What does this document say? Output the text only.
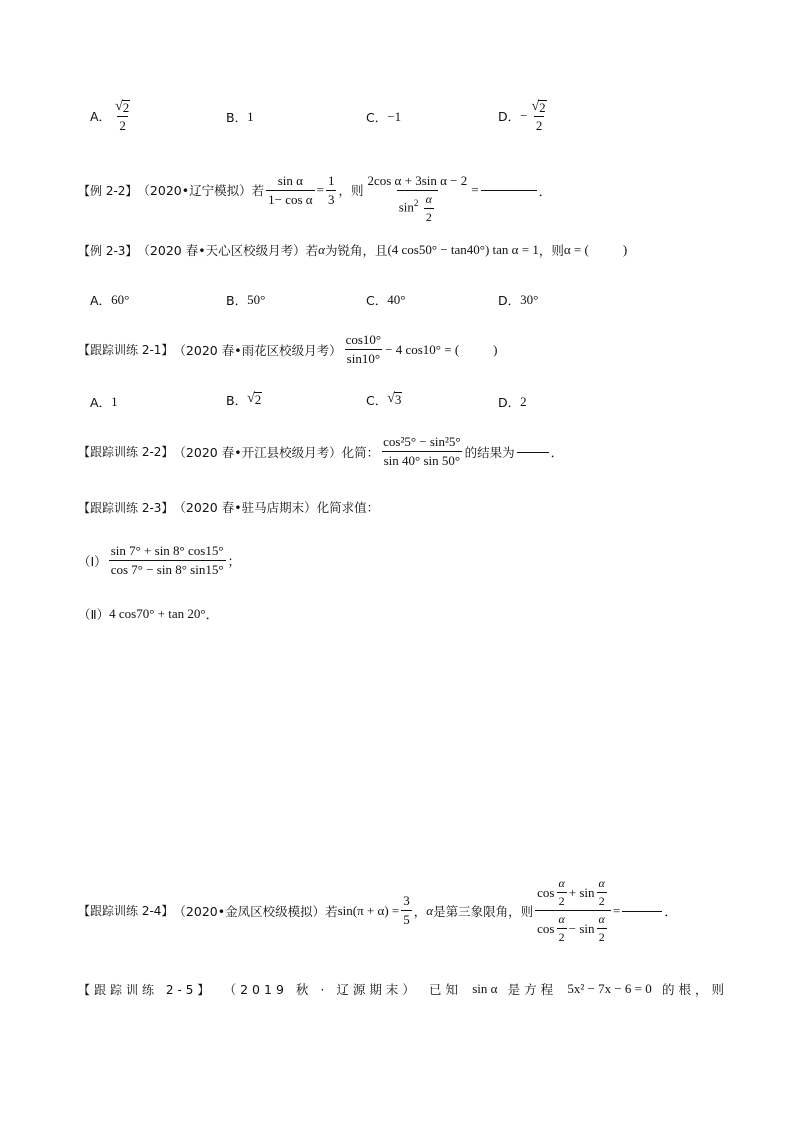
A． $\frac{√ 2}{2}$	B． 1	C． −1	D． − $\frac{√ 2}{2}$
【例 2-2】 （2020•辽宁模拟） 若 $\frac{\text{sin α}}{\text{1− cos α}} = \frac{1}{3}$ ，则 $\frac{\text{2cos α + 3sin α − 2}}{\sin^2 \frac{\alpha}{2}}$ =	．
【例 2-3】 （2020 春•天心区校级月考） 若 α 为锐角，且 (4 cos50° − tan40°) tan α = 1 ，则 α = (	)
A． 60°	B． 50°	C． 40°	D． 30°
【跟踪训练 2-1】 （2020 春•雨花区校级月考） $\frac{\cos 10^\circ}{\sin 10^\circ} - 4$ cos10° = (	)
A． 1	B． √ 2	C． √ 3	D． 2
【跟踪训练 2-2】 （2020 春•开江县校级月考） 化简： $\frac{\text{cos²5° − sin²5°}}{\sin 40^\circ \sin 50^\circ}$ 的结果为	．
【跟踪训练 2-3】 （2020 春•驻马店期末） 化简求值：
（Ⅰ） $\frac{\sin 7^\circ + \sin 8^\circ \cos 15^\circ}{\cos 7^\circ - \sin 8^\circ \sin 15^\circ}$ ；
（Ⅱ） 4 cos70° + tan 20° ．
【跟踪训练 2-4】 （2020•金凤区校级模拟） 若 $\sin(\pi + \alpha) = \frac{3}{5}$ ， α 是第三象限角，则 $\frac{\cos \frac{\alpha}{2} + \sin \frac{\alpha}{2}}{\cos \frac{\alpha}{2} - \sin \frac{\alpha}{2}}$ =	．
【跟踪训练 2-5】 （2019 秋 · 辽源期末） 已知 sin α 是方程 5x² − 7x − 6 = 0 的根，则
